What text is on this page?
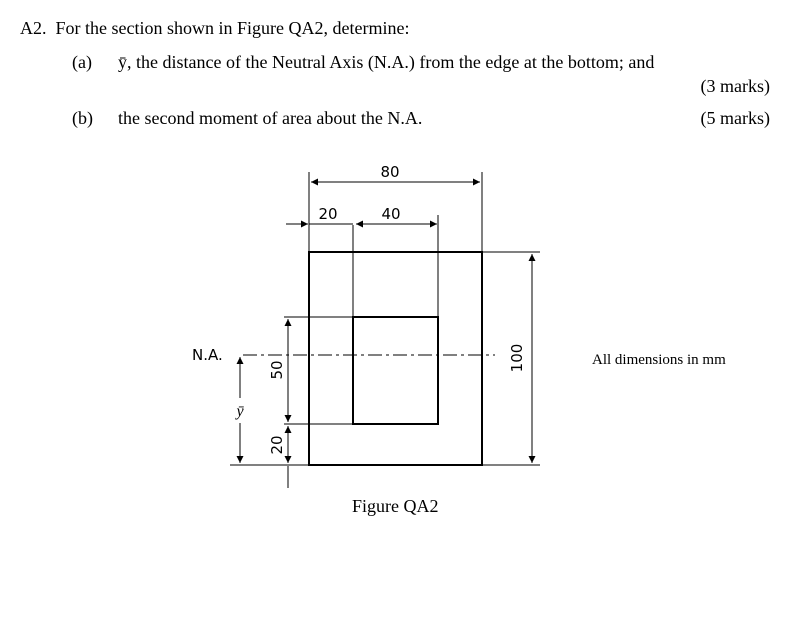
A2. For the section shown in Figure QA2, determine:
(a) ȳ, the distance of the Neutral Axis (N.A.) from the edge at the bottom; and
(3 marks)
(b) the second moment of area about the N.A.	(5 marks)
80
20	40
100
50
20
ȳ
N.A.	All dimensions in mm
Figure QA2
